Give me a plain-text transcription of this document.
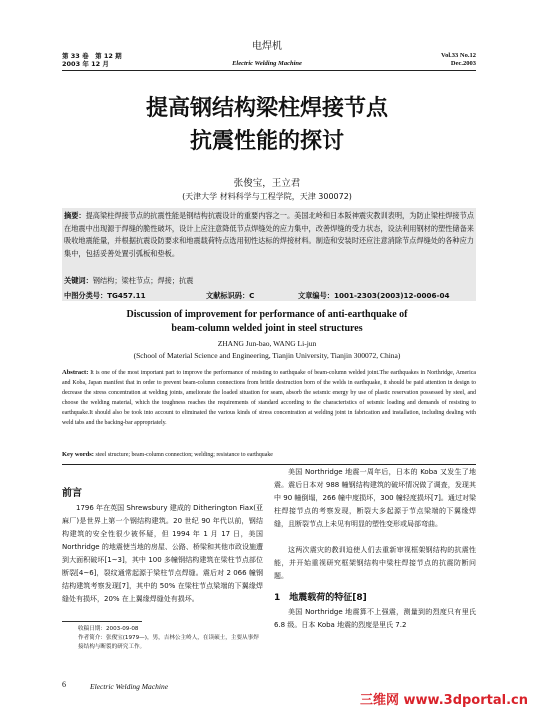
电焊机
第 33 卷　第 12 期
2003 年 12 月	Electric Welding Machine
Vol.33 No.12
Dec.2003
提高钢结构梁柱焊接节点
抗震性能的探讨
张俊宝，王立君
(天津大学 材料科学与工程学院，天津 300072)
摘要：提高梁柱焊接节点的抗震性能是钢结构抗震设计的重要内容之一。美国北岭和日本阪神震灾教训表明，为防止梁柱焊接节点在地震中出现源于焊缝的脆性破坏，设计上应注意降低节点焊缝处的应力集中，改善焊缝的受力状态，设法利用钢材的塑性储备来吸收地震能量，并根据抗震设防要求和地震载荷特点选用韧性达标的焊接材料。制造和安装时还应注意消除节点焊缝处的各种应力集中，包括妥善处置引弧板和垫板。
关键词：钢结构；梁柱节点；焊接；抗震
中图分类号：TG457.11	文献标识码：C	文章编号：1001-2303(2003)12-0006-04
Discussion of improvement for performance of anti-earthquake of
beam-column welded joint in steel structures
ZHANG Jun-bao, WANG Li-jun
(School of Material Science and Engineering, Tianjin University, Tianjin 300072, China)
Abstract: It is one of the most important part to improve the performance of resisting to earthquake of beam-column welded joint.The earthquakes in Northridge, America and Koba, Japan manifest that in order to prevent beam-column connections from brittle destruction born of the welds in earthquake, it should be paid attention in design to decrease the stress concentration at welding joints, ameliorate the loaded situation for seam, absorb the seismic energy by use of plastic reservation possessed by steel, and choose the welding material, which the toughness reaches the requirements of standard according to the characteristics of seismic loading and demands of resisting to earthquake.It should also be took into account to eliminated the various kinds of stress concentration at welding joint in fabrication and installation, including dealing with weld tabs and the backing-bar appropriately.
Key words: steel structure; beam-column connection; welding; resistance to earthquake
前言
1796 年在英国 Shrewsbury 建成的 Ditherington Fiax(亚麻厂)是世界上第一个钢结构建筑。20 世纪 90 年代以前，钢结构建筑的安全性很少被怀疑，但 1994 年 1 月 17 日，美国 Northridge 的地震使当地的房屋、公路、桥梁和其他市政设施遭到大面积破坏[1~3]，其中 100 多幢钢结构建筑在梁柱节点部位断裂[4~6]，裂纹通常起源于梁柱节点焊缝。震后对 2 066 幢钢结构建筑考察发现[7]，其中的 50% 在梁柱节点梁端的下翼缘焊缝处有损坏，20% 在上翼缘焊缝处有损坏。
收稿日期：2003-09-08
作者简介：张俊宝(1979—)，男，吉林公主岭人，在读硕士，主要从事焊接结构与断裂的研究工作。
美国 Northridge 地震一周年后，日本的 Koba 又发生了地震。震后日本对 988 幢钢结构建筑的破坏情况做了调查，发现其中 90 幢倒塌，266 幢中度损坏，300 幢轻度损坏[7]。通过对梁柱焊接节点的考察发现，断裂大多起源于节点梁端的下翼缘焊缝，且断裂节点上未见有明显的塑性变形或局部弯曲。
这两次震灾的教训迫使人们去重新审视框架钢结构的抗震性能，并开始重视研究框架钢结构中梁柱焊接节点的抗震防断问题。
1　地震载荷的特征[8]
美国 Northridge 地震算不上强震，测量到的烈度只有里氏 6.8 级。日本 Koba 地震的烈度是里氏 7.2
6	Electric Welding Machine
三维网 www.3dportal.cn
